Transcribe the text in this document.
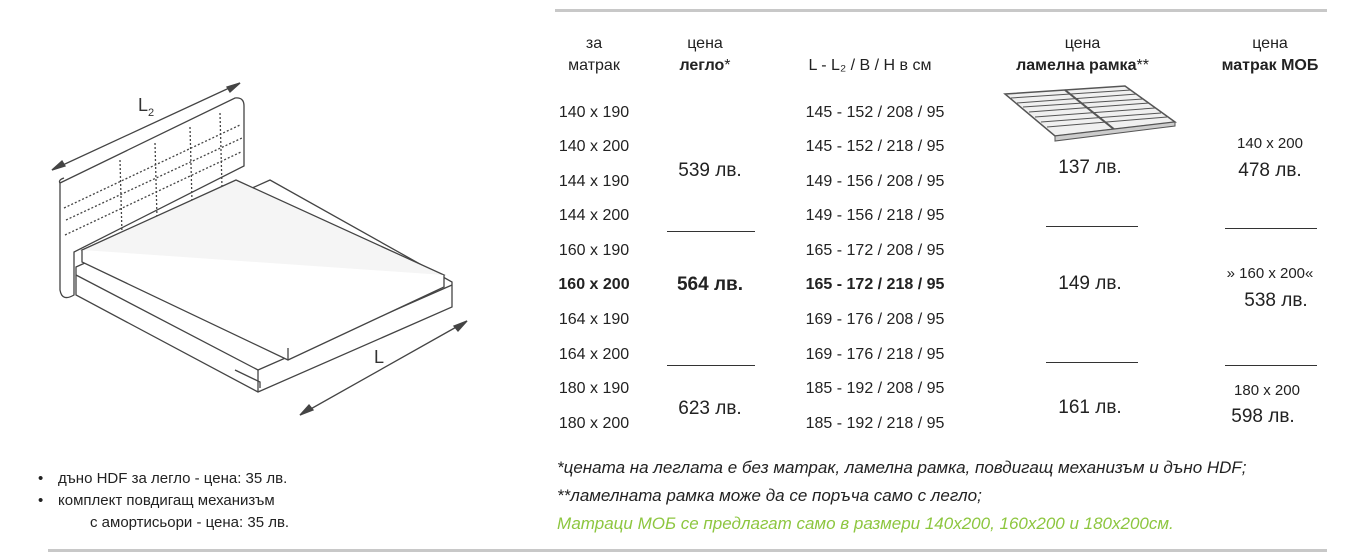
L 2
L
за
матрак
цена
легло*	L - L₂ / B / H в см
цена
ламелна рамка**
цена
матрак МОБ
140 x 190
140 x 200
144 x 190
144 x 200
160 x 190
160 x 200
164 x 190
164 x 200
180 x 190
180 x 200
145 - 152 / 208 / 95
145 - 152 / 218 / 95
149 - 156 / 208 / 95
149 - 156 / 218 / 95
165 - 172 / 208 / 95
165 - 172 / 218 / 95
169 - 176 / 208 / 95
169 - 176 / 218 / 95
185 - 192 / 208 / 95
185 - 192 / 218 / 95
539 лв.
564 лв.
623 лв.
137 лв.
149 лв.
161 лв.
140 x 200
478 лв.
» 160 x 200«
538 лв.
180 x 200
598 лв.
*цената на леглата е без матрак, ламелна рамка, повдигащ механизъм и дъно HDF;
**ламелната рамка може да се поръча само с легло;
Матраци МОБ се предлагат само в размери 140х200, 160х200 и 180х200см.
• дъно HDF за легло - цена: 35 лв.
• комплект повдигащ механизъм
с амортисьори - цена: 35 лв.
